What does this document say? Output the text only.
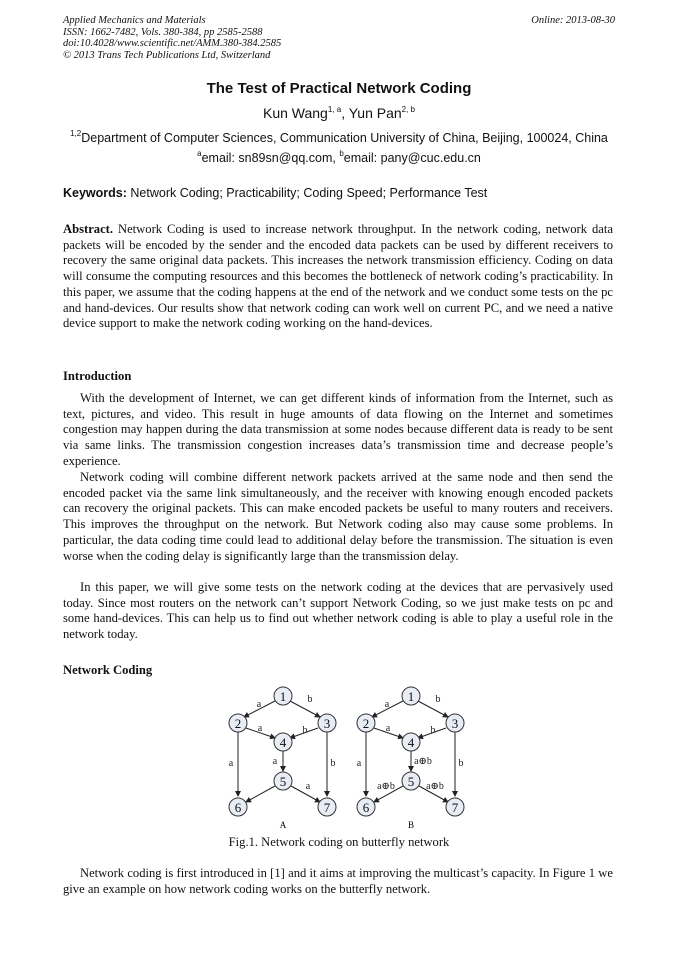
Applied Mechanics and Materials
ISSN: 1662-7482, Vols. 380-384, pp 2585-2588
doi:10.4028/www.scientific.net/AMM.380-384.2585
© 2013 Trans Tech Publications Ltd, Switzerland
Online: 2013-08-30
The Test of Practical Network Coding
Kun Wang$^{1, a}$, Yun Pan$^{2, b}$
$^{1,2}$Department of Computer Sciences, Communication University of China, Beijing, 100024, China
$^a$email: sn89sn@qq.com, $^b$email: pany@cuc.edu.cn
Keywords: Network Coding; Practicability; Coding Speed; Performance Test
Abstract. Network Coding is used to increase network throughput. In the network coding, network data packets will be encoded by the sender and the encoded data packets can be used by different receivers to recovery the same original data packets. This increases the network transmission efficiency. Coding on data will consume the computing resources and this becomes the bottleneck of network coding’s practicability. In this paper, we assume that the coding happens at the end of the network and we conduct some tests on the pc and hand-devices. Our results show that network coding can work well on current PC, and we need a native device support to make the network coding working on the hand-devices.
Introduction
With the development of Internet, we can get different kinds of information from the Internet, such as text, pictures, and video. This result in huge amounts of data flowing on the Internet and sometimes congestion may happen during the data transmission at some nodes because different data is ready to be sent via same links. The transmission congestion increases data’s transmission time and decrease people’s experience.
Network coding will combine different network packets arrived at the same node and then send the encoded packet via the same link simultaneously, and the receiver with knowing enough encoded packets can recovery the original packets. This can make encoded packets be useful to many routers and receivers. This improves the throughput on the network. But Network coding also may cause some problems. In particular, the data coding time could lead to additional delay before the transmission. The situation is even worse when the coding delay is significantly large than the transmission delay.
In this paper, we will give some tests on the network coding at the devices that are pervasively used today. Since most routers on the network can’t support Network Coding, so we just make tests on pc and some hand-devices. This can help us to find out whether network coding is able to play a useful role in the network today.
Network Coding
1
2	3
4
5
6	7
a	b
a	b
a
a	b
a
A
1
2	3
4
5
6	7
a	b
a	b
a⊕b
a	b
a⊕b	a⊕b
B
Fig.1. Network coding on butterfly network
Network coding is first introduced in [1] and it aims at improving the multicast’s capacity. In Figure 1 we give an example on how network coding works on the butterfly network.
